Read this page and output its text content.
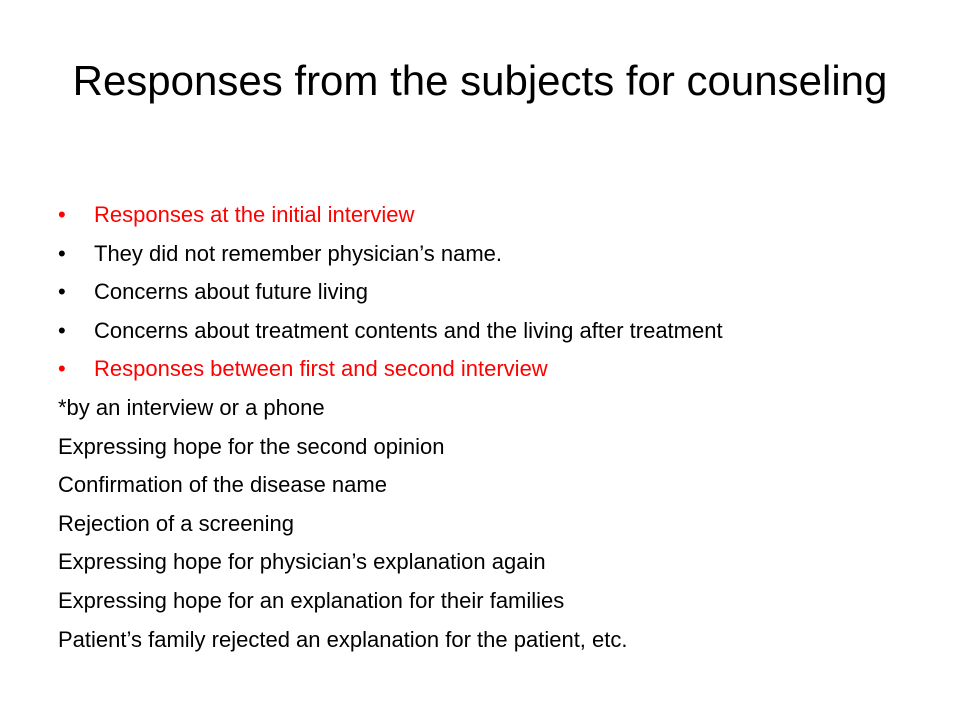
Responses from the subjects for counseling
•	Responses at the initial interview
•	They did not remember physician’s name.
•	Concerns about future living
•	Concerns about treatment contents and the living after treatment
•	Responses between first and second interview
*by an interview or a phone
Expressing hope for the second opinion
Confirmation of the disease name
Rejection of a screening
Expressing hope for physician’s explanation again
Expressing hope for an explanation for their families
Patient’s family rejected an explanation for the patient, etc.
